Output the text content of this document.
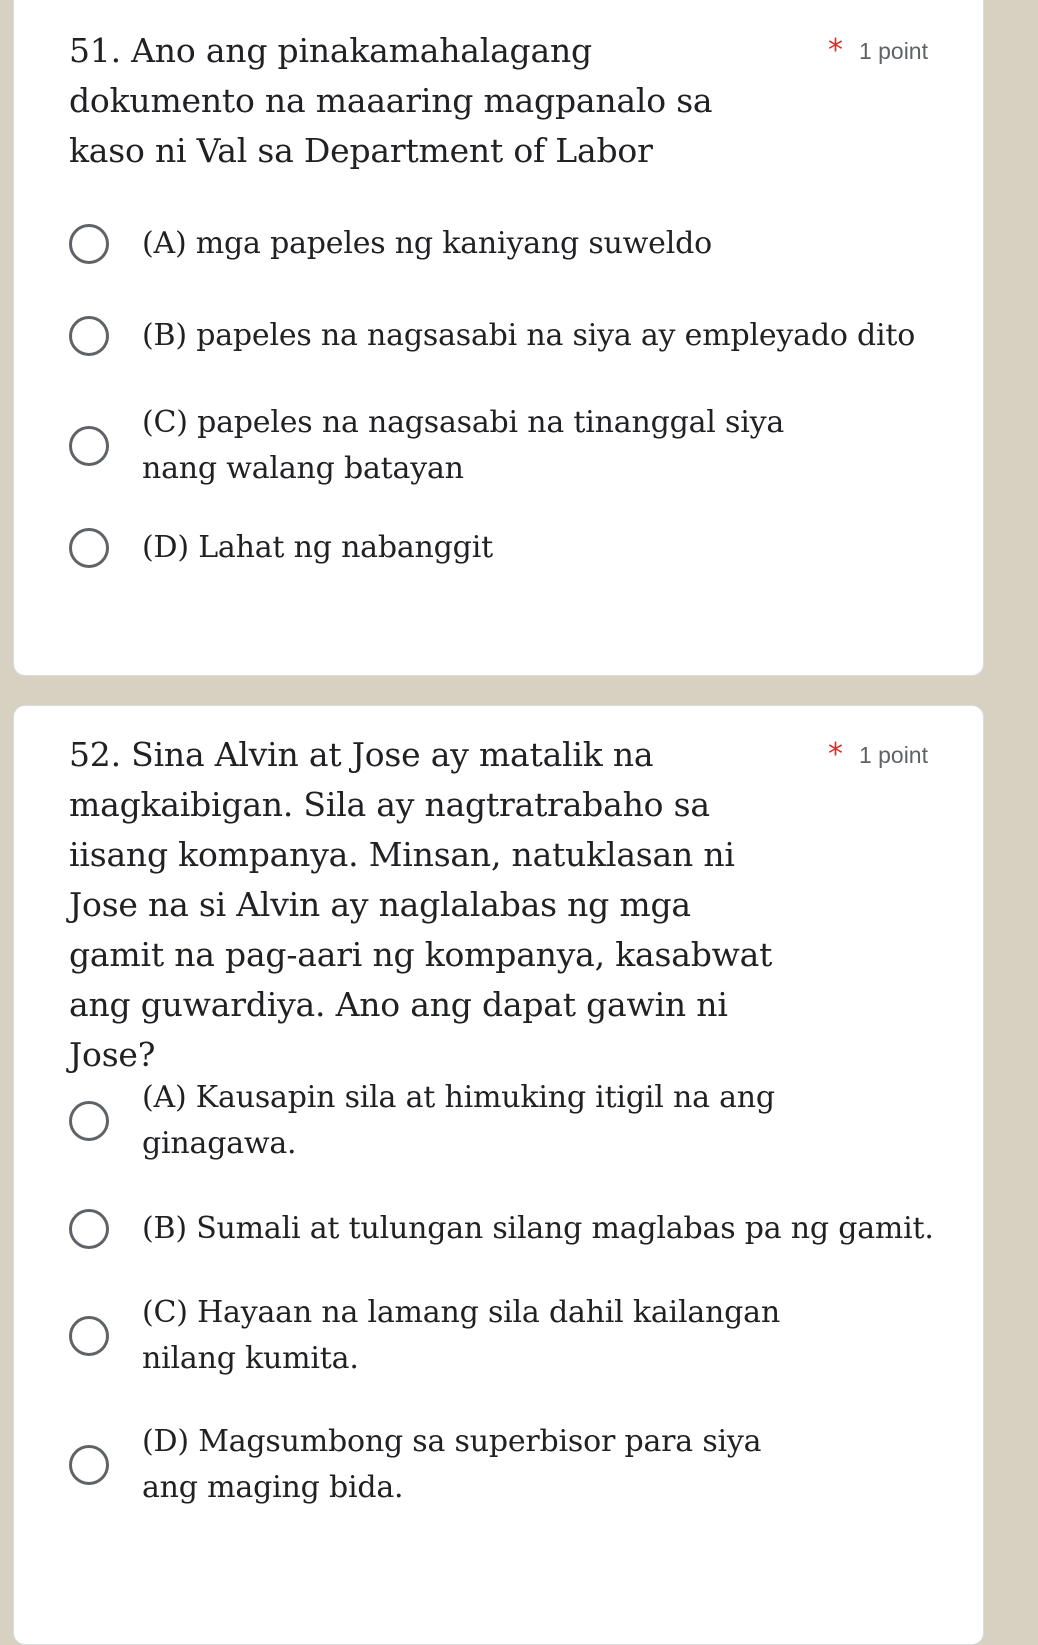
51. Ano ang pinakamahalagang dokumento na maaaring magpanalo sa kaso ni Val sa Department of Labor

* 1 point
(A) mga papeles ng kaniyang suweldo
(B) papeles na nagsasabi na siya ay empleyado dito
(C) papeles na nagsasabi na tinanggal siya nang walang batayan
(D) Lahat ng nabanggit

52. Sina Alvin at Jose ay matalik na magkaibigan. Sila ay nagtratrabaho sa iisang kompanya. Minsan, natuklasan ni Jose na si Alvin ay naglalabas ng mga gamit na pag-aari ng kompanya, kasabwat ang guwardiya. Ano ang dapat gawin ni Jose?

* 1 point
(A) Kausapin sila at himuking itigil na ang ginagawa.
(B) Sumali at tulungan silang maglabas pa ng gamit.
(C) Hayaan na lamang sila dahil kailangan nilang kumita.
(D) Magsumbong sa superbisor para siya ang maging bida.
